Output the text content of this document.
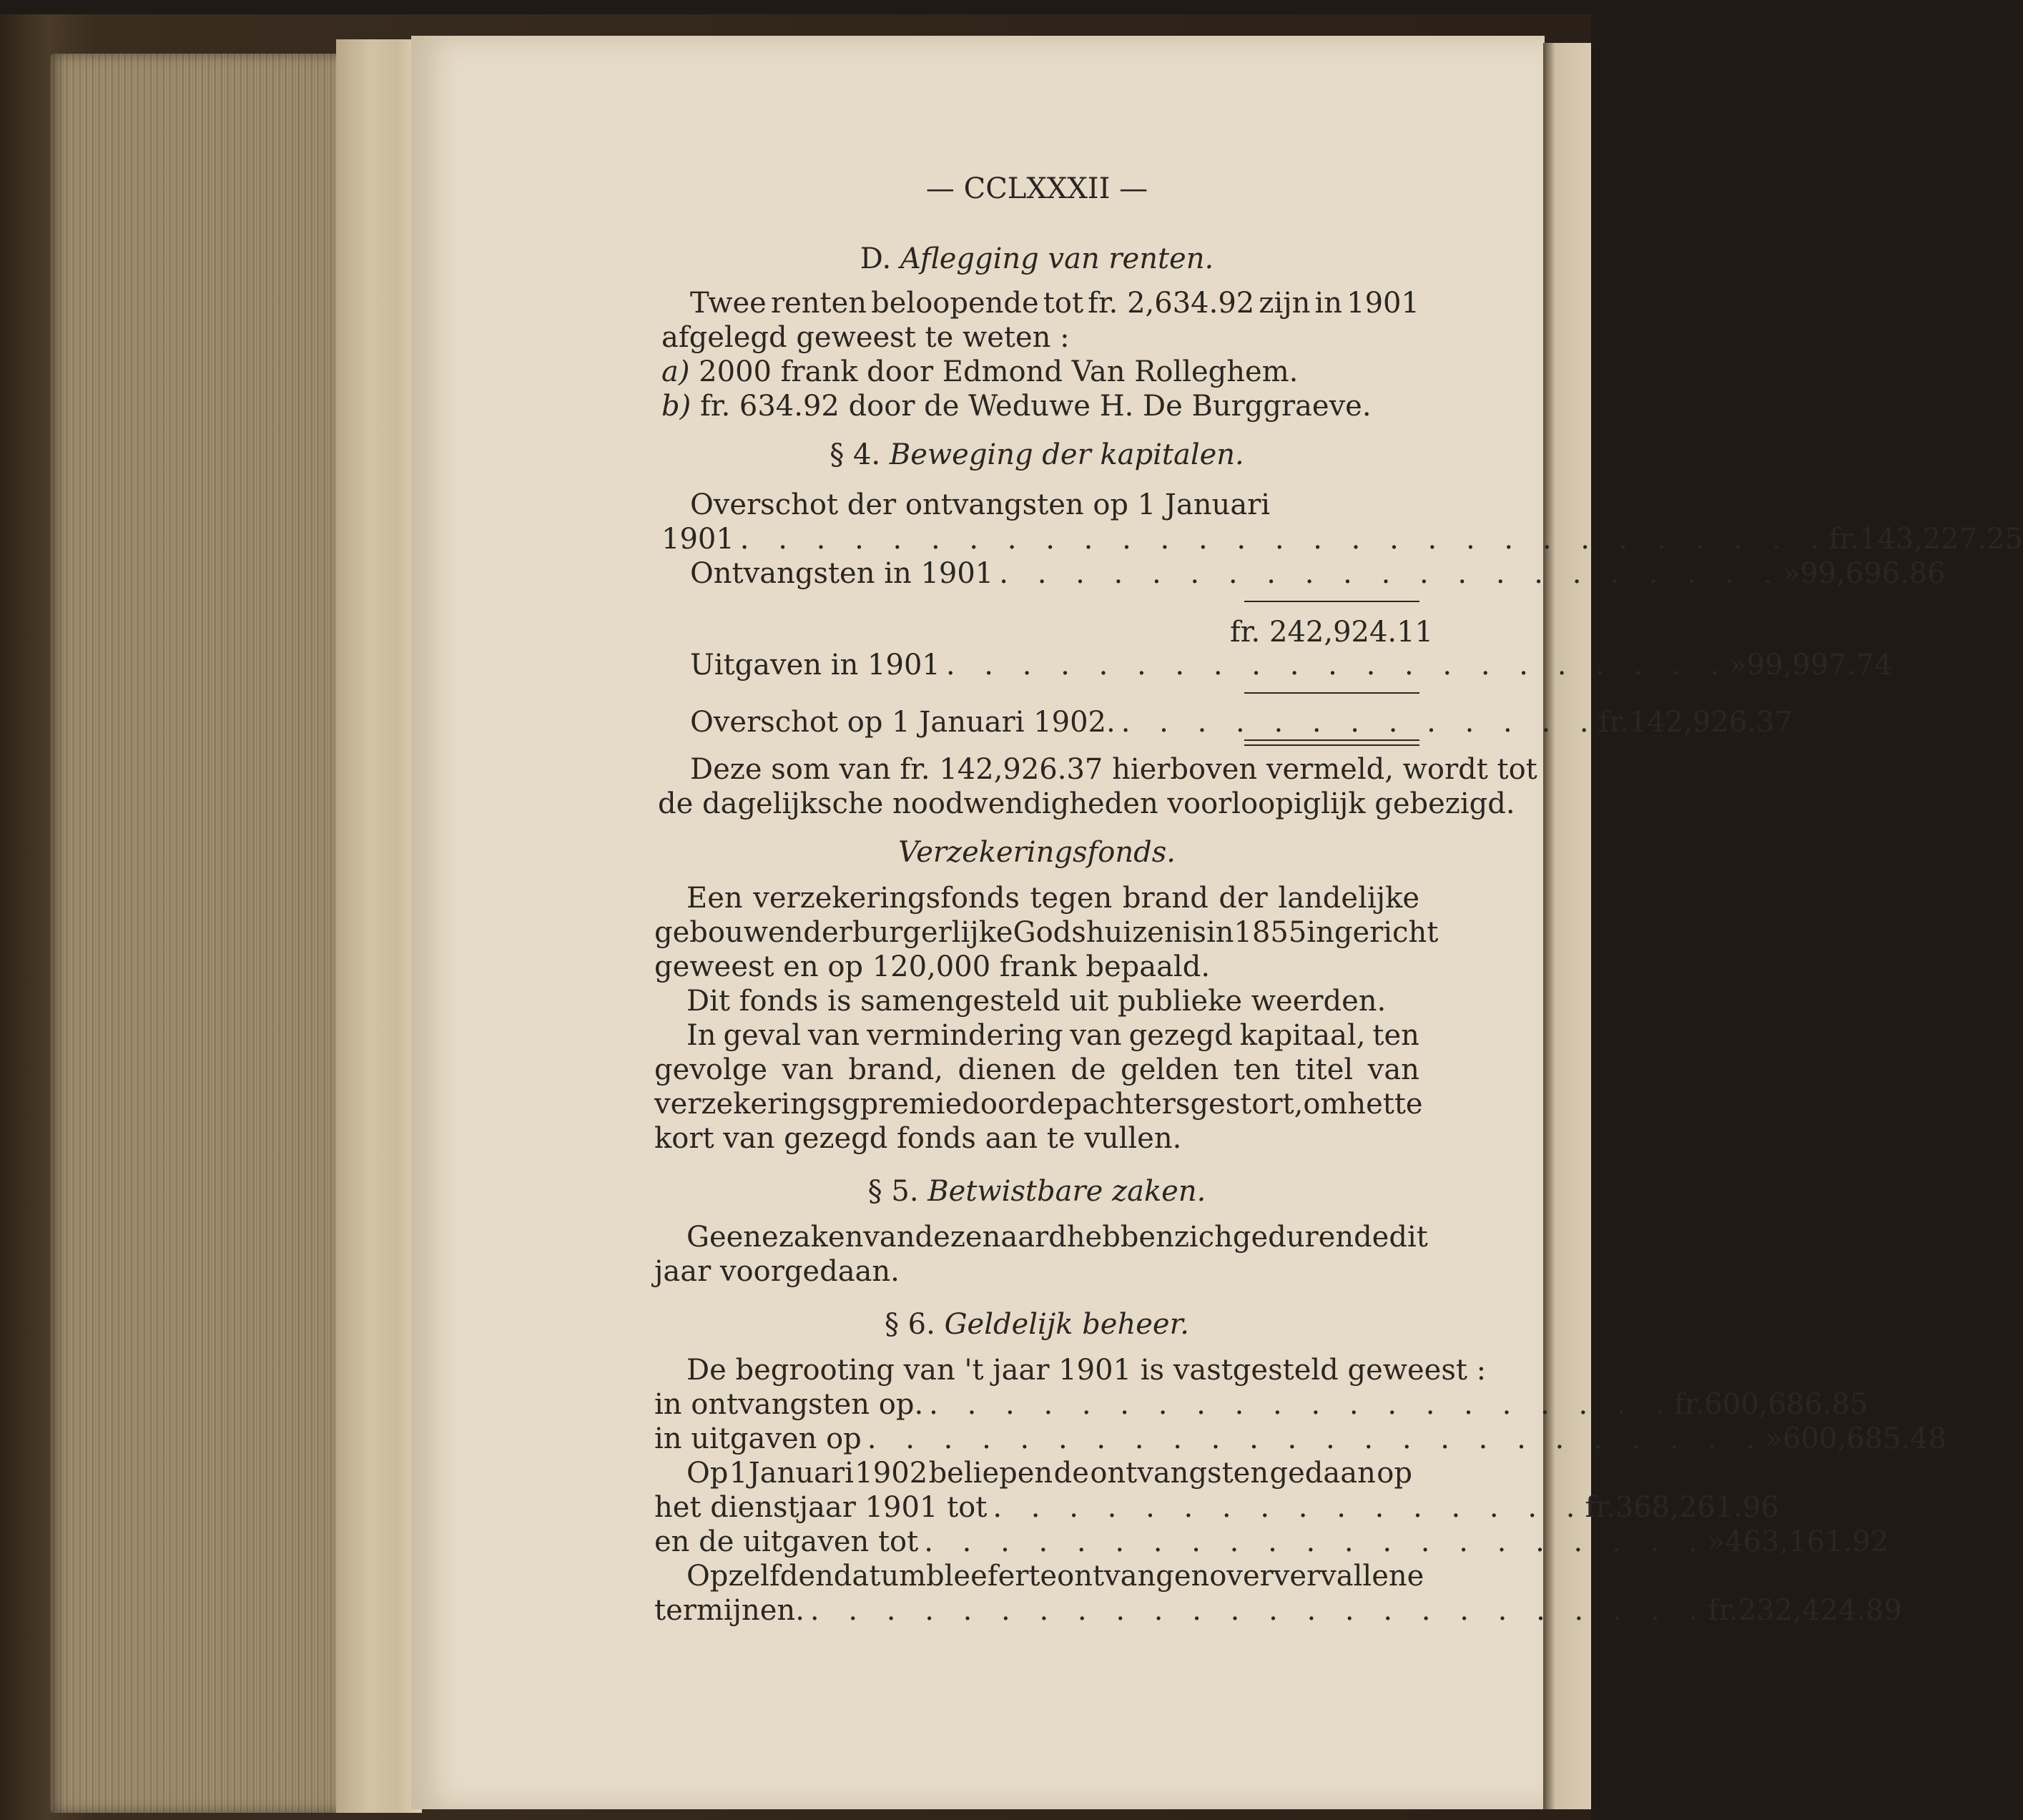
— CCLXXXII —
D. Aflegging van renten.
Twee renten beloopende tot fr. 2,634.92 zijn in 1901
afgelegd geweest te weten :
a) 2000 frank door Edmond Van Rolleghem.
b) fr. 634.92 door de Weduwe H. De Burggraeve.
§ 4. Beweging der kapitalen.
Overschot der ontvangsten op 1 Januari
1901 . . . . . . . . . . . . . . . . . . . . . . . . . . . . . fr. 143,227.25
Ontvangsten in 1901 . . . . . . . . . . . . . . . . . . . . . » 99,696.86
fr. 242,924.11
Uitgaven in 1901 . . . . . . . . . . . . . . . . . . . . . » 99,997.74
Overschot op 1 Januari 1902. . . . . . . . . . . . . . fr. 142,926.37
Deze som van fr. 142,926.37 hierboven vermeld, wordt tot
de dagelijksche noodwendigheden voorloopiglijk gebezigd.
Verzekeringsfonds.
Een verzekeringsfonds tegen brand der landelijke
gebouwen der burgerlijke Godshuizen is in 1855 ingericht
geweest en op 120,000 frank bepaald.
Dit fonds is samengesteld uit publieke weerden.
In geval van vermindering van gezegd kapitaal, ten
gevolge van brand, dienen de gelden ten titel van
verzekeringsgpremie door de pachters gestort, om het te
kort van gezegd fonds aan te vullen.
§ 5. Betwistbare zaken.
Geene zaken van dezen aard hebben zich gedurende dit
jaar voorgedaan.
§ 6. Geldelijk beheer.
De begrooting van 't jaar 1901 is vastgesteld geweest :
in ontvangsten op. . . . . . . . . . . . . . . . . . . . . fr. 600,686.85
in uitgaven op . . . . . . . . . . . . . . . . . . . . . . . . » 600,685.48
Op 1 Januari 1902 beliepen de ontvangsten gedaan op
het dienstjaar 1901 tot . . . . . . . . . . . . . . . . fr. 368,261.96
en de uitgaven tot . . . . . . . . . . . . . . . . . . . . . » 463,161.92
Op zelfden datum bleef er te ontvangen over vervallene
termijnen. . . . . . . . . . . . . . . . . . . . . . . . . fr. 232,424.89
